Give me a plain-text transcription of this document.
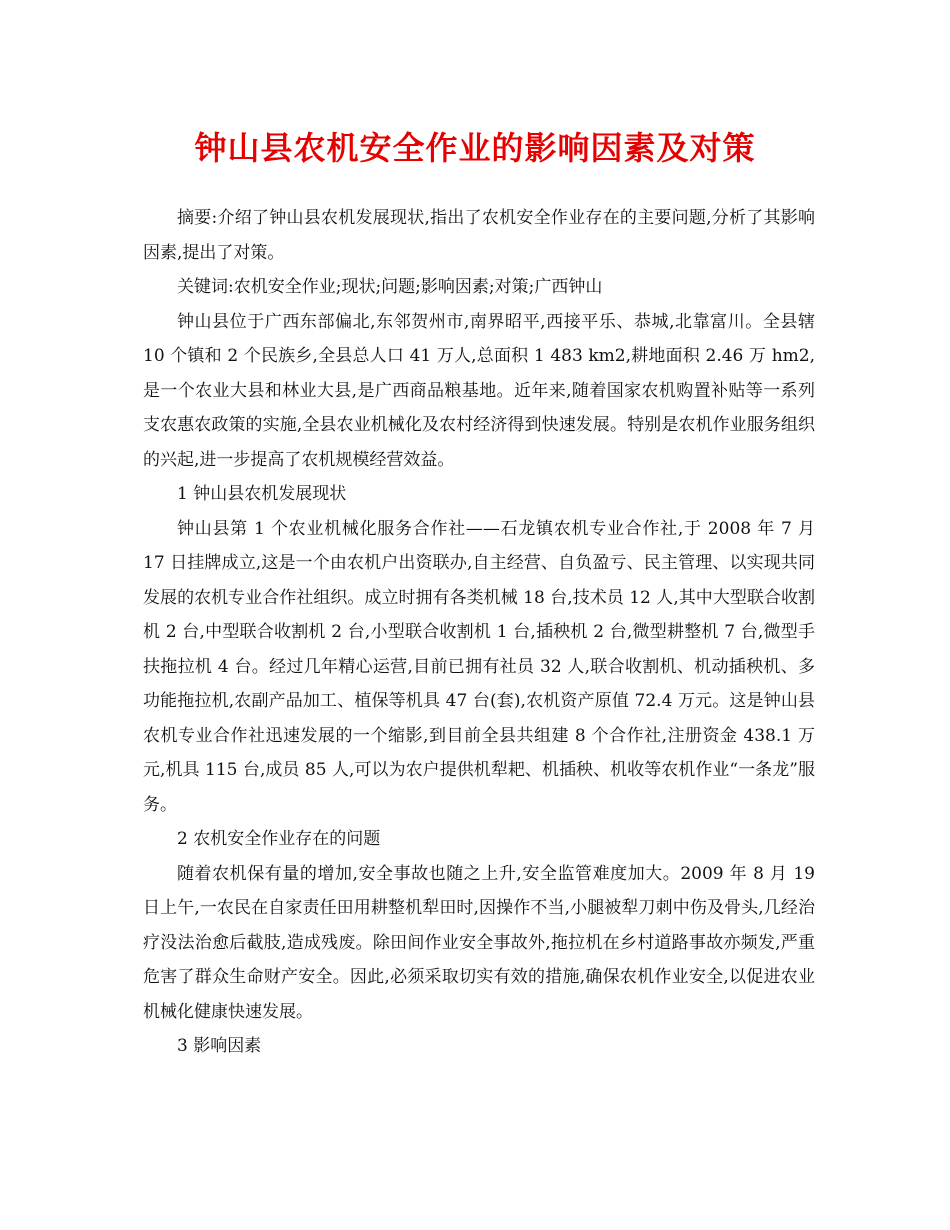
钟山县农机安全作业的影响因素及对策

摘要:介绍了钟山县农机发展现状,指出了农机安全作业存在的主要问题,分析了其影响因素,提出了对策。

关键词:农机安全作业;现状;问题;影响因素;对策;广西钟山

钟山县位于广西东部偏北,东邻贺州市,南界昭平,西接平乐、恭城,北靠富川。全县辖 10 个镇和 2 个民族乡,全县总人口 41 万人,总面积 1 483 km2,耕地面积 2.46 万 hm2,是一个农业大县和林业大县,是广西商品粮基地。近年来,随着国家农机购置补贴等一系列支农惠农政策的实施,全县农业机械化及农村经济得到快速发展。特别是农机作业服务组织的兴起,进一步提高了农机规模经营效益。

1 钟山县农机发展现状

钟山县第 1 个农业机械化服务合作社——石龙镇农机专业合作社,于 2008 年 7 月 17 日挂牌成立,这是一个由农机户出资联办,自主经营、自负盈亏、民主管理、以实现共同发展的农机专业合作社组织。成立时拥有各类机械 18 台,技术员 12 人,其中大型联合收割机 2 台,中型联合收割机 2 台,小型联合收割机 1 台,插秧机 2 台,微型耕整机 7 台,微型手扶拖拉机 4 台。经过几年精心运营,目前已拥有社员 32 人,联合收割机、机动插秧机、多功能拖拉机,农副产品加工、植保等机具 47 台(套),农机资产原值 72.4 万元。这是钟山县农机专业合作社迅速发展的一个缩影,到目前全县共组建 8 个合作社,注册资金 438.1 万元,机具 115 台,成员 85 人,可以为农户提供机犁耙、机插秧、机收等农机作业“一条龙”服务。

2 农机安全作业存在的问题

随着农机保有量的增加,安全事故也随之上升,安全监管难度加大。2009 年 8 月 19 日上午,一农民在自家责任田用耕整机犁田时,因操作不当,小腿被犁刀刺中伤及骨头,几经治疗没法治愈后截肢,造成残废。除田间作业安全事故外,拖拉机在乡村道路事故亦频发,严重危害了群众生命财产安全。因此,必须采取切实有效的措施,确保农机作业安全,以促进农业机械化健康快速发展。

3 影响因素
